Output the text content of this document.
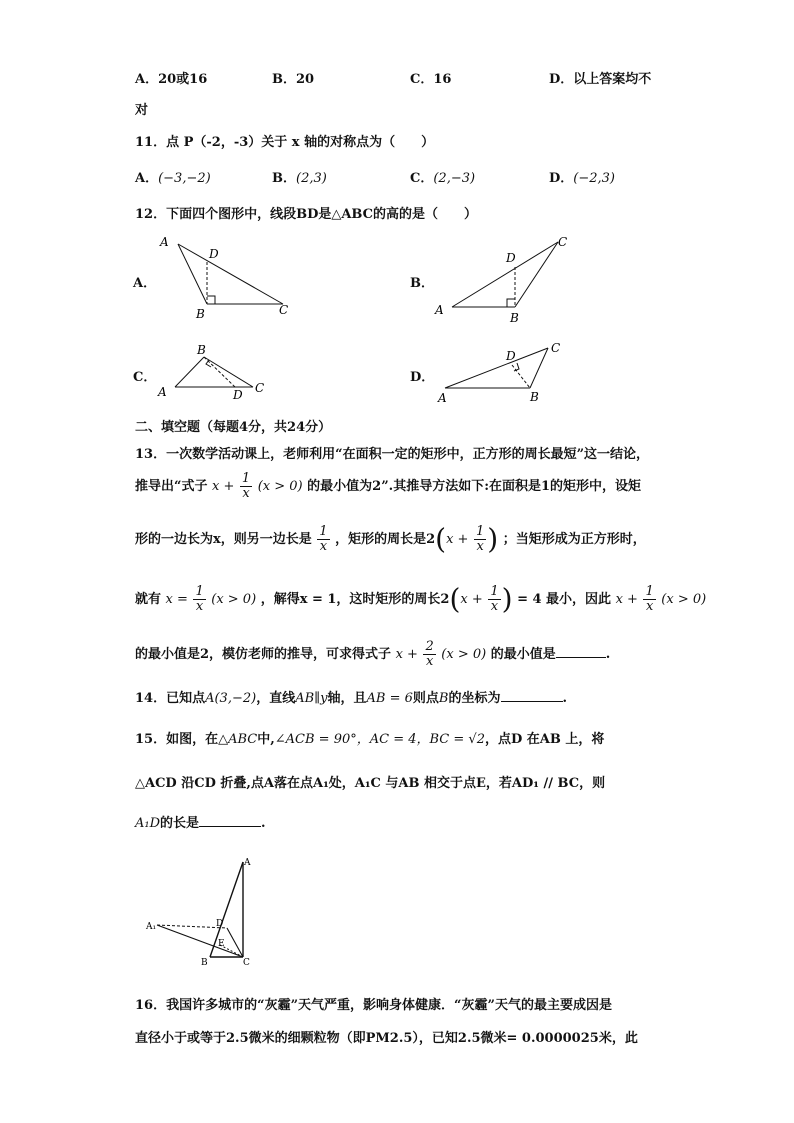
A．20或16	B．20	C．16	D．以上答案均不
对
11．点 P（-2，-3）关于 x 轴的对称点为（　　）
A．(−3,−2)	B．(2,3)	C．(2,−3)	D．(−2,3)
12．下面四个图形中，线段BD是△ABC的高的是（　　）
A．	B．
C．	D．
A
D
B	C	A
D
B
C
A
B
D C
A
D
B
C
二、填空题（每题4分，共24分）
13．一次数学活动课上，老师利用“在面积一定的矩形中，正方形的周长最短”这一结论，
推导出“式子 $x + \frac{1}{x} (x > 0)$ 的最小值为2”.其推导方法如下:在面积是1的矩形中，设矩
形的一边长为x，则另一边长是 $\frac{1}{x}$ ，矩形的周长是$2(x + \frac{1}{x}$ ) ；当矩形成为正方形时，
就有 $x = \frac{1}{x} (x > 0)$ ，解得x = 1，这时矩形的周长$2(x + \frac{1}{x}$ ) = 4 最小，因此 $x + \frac{1}{x} (x > 0)$
的最小值是2，模仿老师的推导，可求得式子 $x + \frac{2}{x} (x > 0)$ 的最小值是	.
14．已知点A(3,−2)，直线AB∥y轴，且AB = 6则点B的坐标为	.
15．如图，在△ABC中,∠ACB = 90°，AC = 4，BC = √2，点D 在AB 上，将
△ACD 沿CD 折叠,点A落在点A₁处，A₁C 与AB 相交于点E，若AD₁ // BC，则
A₁D的长是	.
A
D
E
A₁
B	C
16．我国许多城市的“灰霾”天气严重，影响身体健康．“灰霾”天气的最主要成因是
直径小于或等于2.5微米的细颗粒物（即PM2.5），已知2.5微米= 0.0000025米，此
